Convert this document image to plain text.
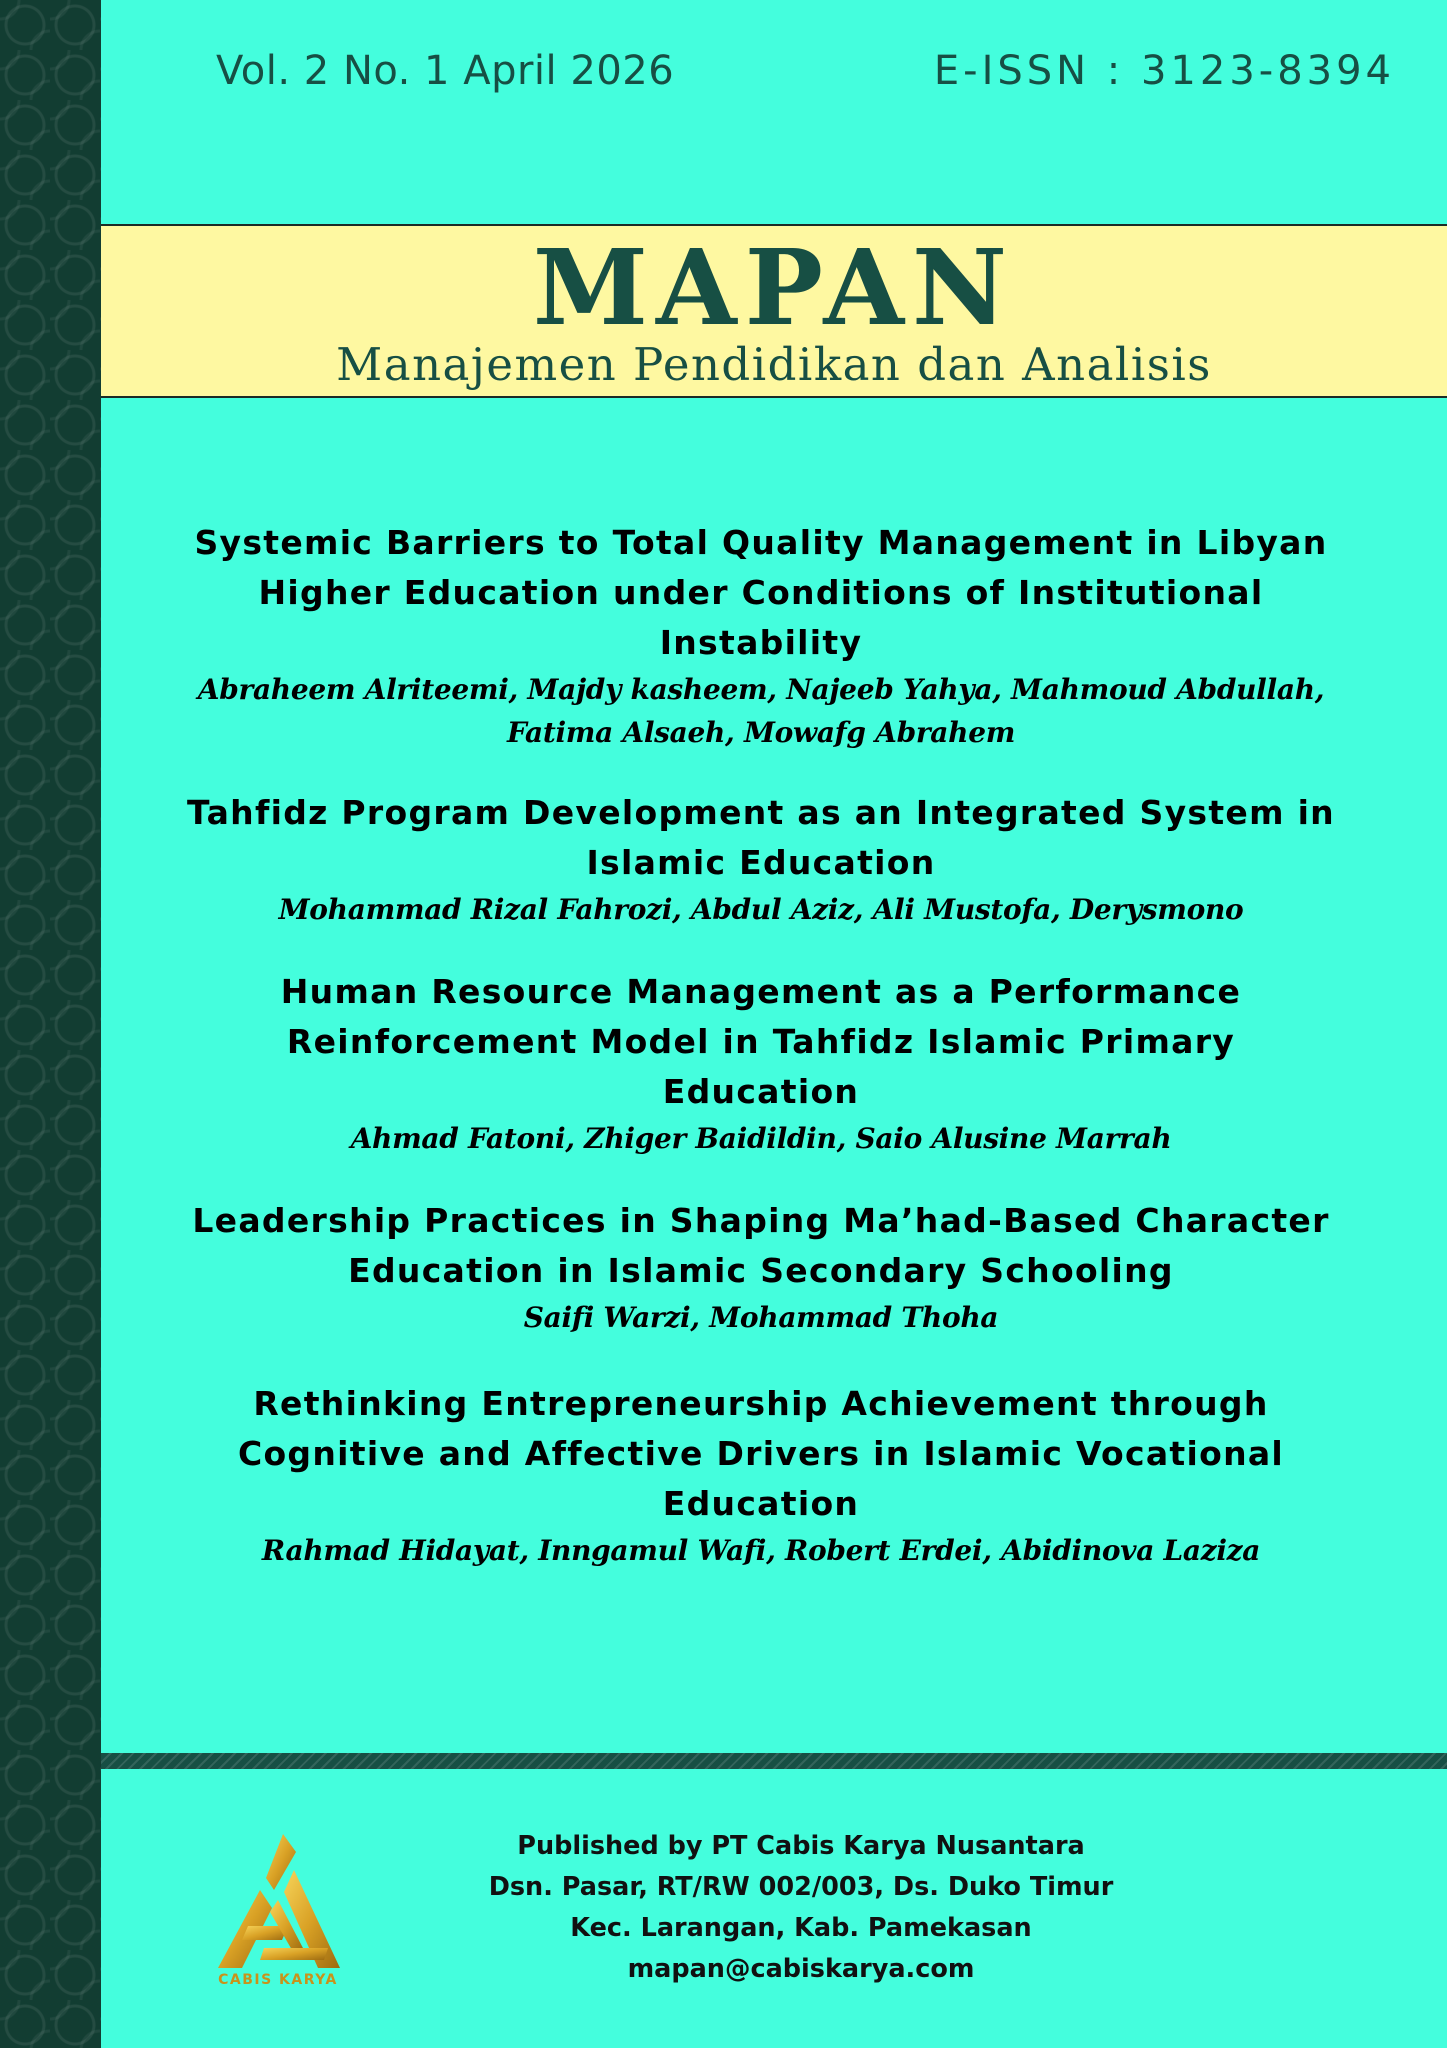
Vol. 2 No. 1 April 2026	E-ISSN : 3123-8394
MAPAN
Manajemen Pendidikan dan Analisis
Systemic Barriers to Total Quality Management in Libyan
Higher Education under Conditions of Institutional
Instability
Abraheem Alriteemi, Majdy kasheem, Najeeb Yahya, Mahmoud Abdullah,
Fatima Alsaeh, Mowafg Abrahem
Tahfidz Program Development as an Integrated System in
Islamic Education
Mohammad Rizal Fahrozi, Abdul Aziz, Ali Mustofa, Derysmono
Human Resource Management as a Performance
Reinforcement Model in Tahfidz Islamic Primary
Education
Ahmad Fatoni, Zhiger Baidildin, Saio Alusine Marrah
Leadership Practices in Shaping Ma’had-Based Character
Education in Islamic Secondary Schooling
Saifi Warzi, Mohammad Thoha
Rethinking Entrepreneurship Achievement through
Cognitive and Affective Drivers in Islamic Vocational
Education
Rahmad Hidayat, Inngamul Wafi, Robert Erdei, Abidinova Laziza
CABIS KARYA
Published by PT Cabis Karya Nusantara
Dsn. Pasar, RT/RW 002/003, Ds. Duko Timur
Kec. Larangan, Kab. Pamekasan
mapan@cabiskarya.com
